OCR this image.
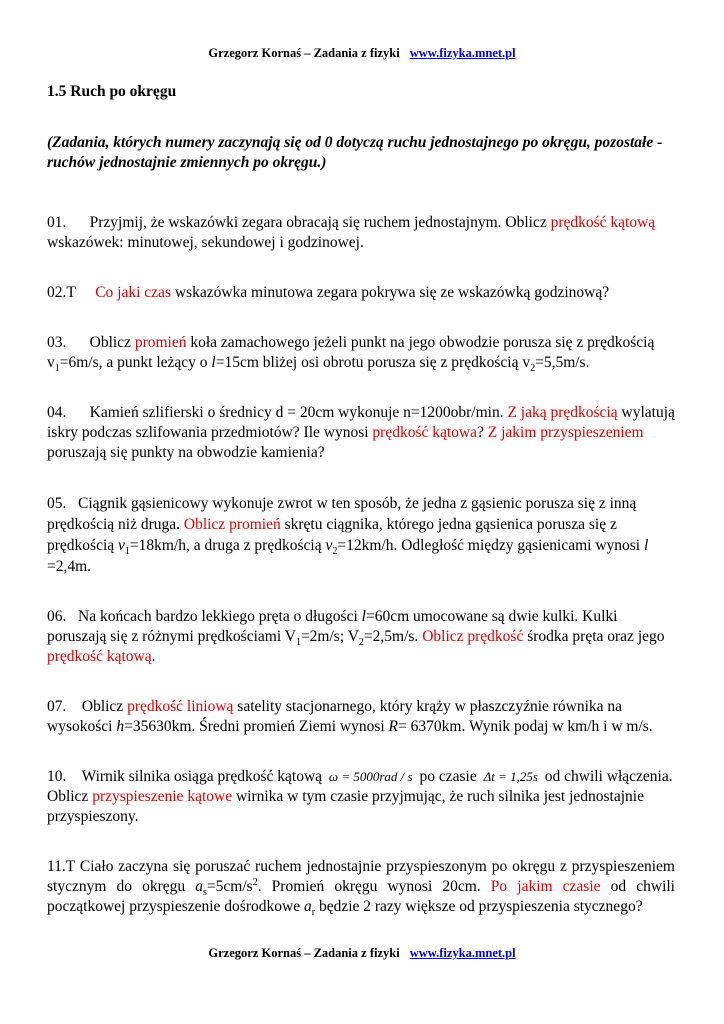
Grzegorz Kornaś – Zadania z fizyki www.fizyka.mnet.pl

1.5 Ruch po okręgu

(Zadania, których numery zaczynają się od 0 dotyczą ruchu jednostajnego po okręgu, pozostałe - ruchów jednostajnie zmiennych po okręgu.)

01. Przyjmij, że wskazówki zegara obracają się ruchem jednostajnym. Oblicz prędkość kątową wskazówek: minutowej, sekundowej i godzinowej.

02.T Co jaki czas wskazówka minutowa zegara pokrywa się ze wskazówką godzinową?

03. Oblicz promień koła zamachowego jeżeli punkt na jego obwodzie porusza się z prędkością $v_1=6m/s$, a punkt leżący o l=15cm bliżej osi obrotu porusza się z prędkością $v_2=5,5m/s$.

04. Kamień szlifierski o średnicy d = 20cm wykonuje n=1200obr/min. Z jaką prędkością wylatują iskry podczas szlifowania przedmiotów? Ile wynosi prędkość kątowa? Z jakim przyspieszeniem poruszają się punkty na obwodzie kamienia?

05. Ciągnik gąsienicowy wykonuje zwrot w ten sposób, że jedna z gąsienic porusza się z inną prędkością niż druga. Oblicz promień skrętu ciągnika, którego jedna gąsienica porusza się z prędkością $v_1=18km/h$, a druga z prędkością $v_2=12km/h$. Odległość między gąsienicami wynosi l =2,4m.

06. Na końcach bardzo lekkiego pręta o długości l=60cm umocowane są dwie kulki. Kulki poruszają się z różnymi prędkościami $V_1=2m/s$; $V_2=2,5m/s$. Oblicz prędkość środka pręta oraz jego prędkość kątową.

07. Oblicz prędkość liniową satelity stacjonarnego, który krąży w płaszczyźnie równika na wysokości h=35630km. Średni promień Ziemi wynosi R= 6370km. Wynik podaj w km/h i w m/s.

10. Wirnik silnika osiąga prędkość kątową ω = 5000rad / s po czasie Δt = 1,25s od chwili włączenia. Oblicz przyspieszenie kątowe wirnika w tym czasie przyjmując, że ruch silnika jest jednostajnie przyspieszony.

11.T Ciało zaczyna się poruszać ruchem jednostajnie przyspieszonym po okręgu z przyspieszeniem stycznym do okręgu $a_s=5cm/s^2$. Promień okręgu wynosi 20cm. Po jakim czasie od chwili początkowej przyspieszenie dośrodkowe $a_r$ będzie 2 razy większe od przyspieszenia stycznego?

Grzegorz Kornaś – Zadania z fizyki www.fizyka.mnet.pl
